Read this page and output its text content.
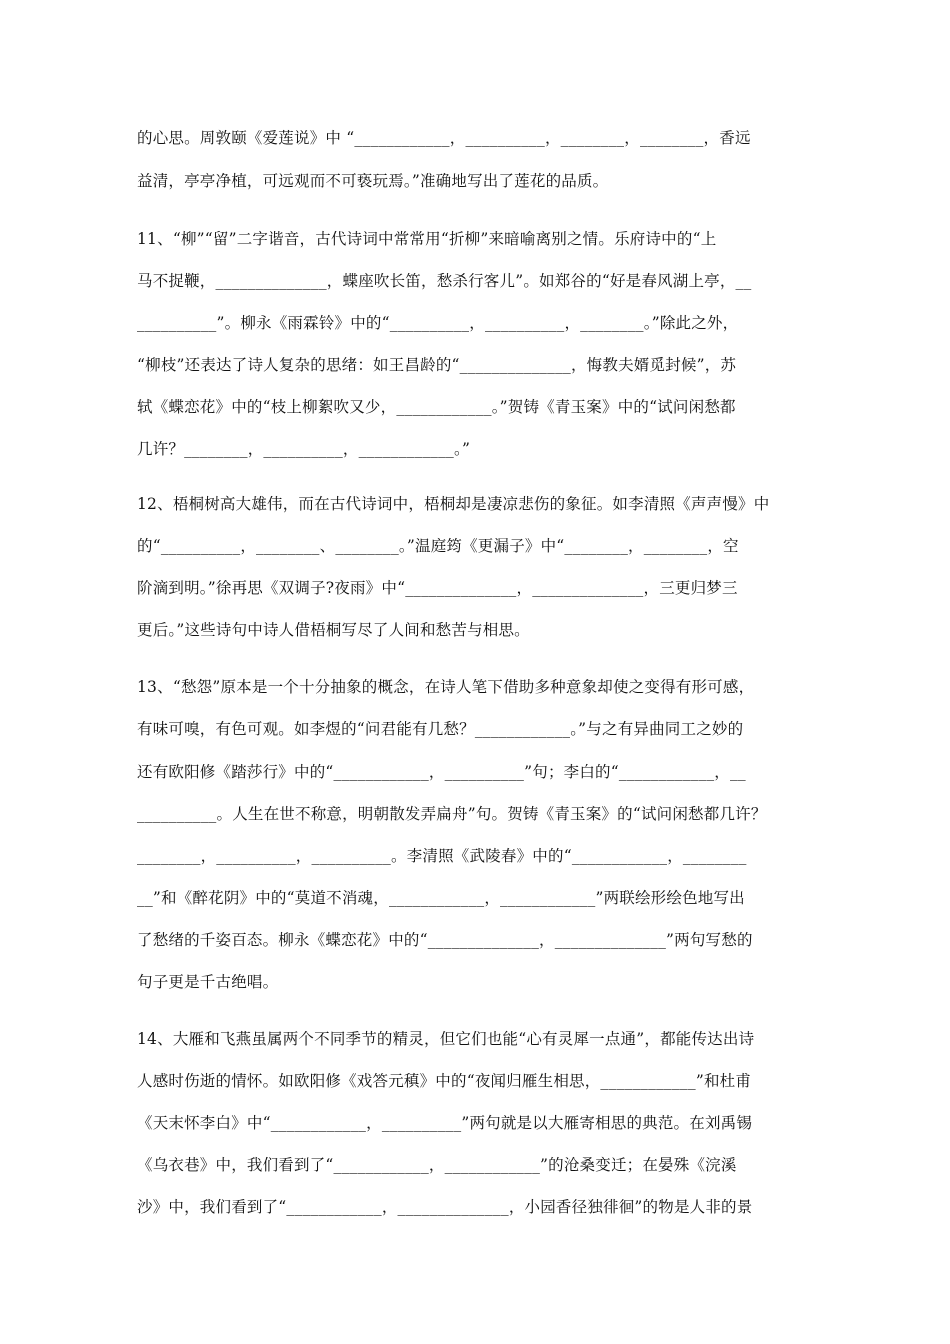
的心思。周敦颐《爱莲说》中 “____________，__________，________，________，香远
益清，亭亭净植，可远观而不可亵玩焉。”准确地写出了莲花的品质。
11、“柳”“留”二字谐音，古代诗词中常常用“折柳”来暗喻离别之情。乐府诗中的“上
马不捉鞭，______________，蝶座吹长笛，愁杀行客儿”。如郑谷的“好是春风湖上亭，__
__________”。柳永《雨霖铃》中的“__________，__________，________。”除此之外，
“柳枝”还表达了诗人复杂的思绪：如王昌龄的“______________，悔教夫婿觅封候”，苏
轼《蝶恋花》中的“枝上柳絮吹又少，____________。”贺铸《青玉案》中的“试问闲愁都
几许？________，__________，____________。”
12、梧桐树高大雄伟，而在古代诗词中，梧桐却是凄凉悲伤的象征。如李清照《声声慢》中
的“__________，________、________。”温庭筠《更漏子》中“________，________，空
阶滴到明。”徐再思《双调子?夜雨》中“______________，______________，三更归梦三
更后。”这些诗句中诗人借梧桐写尽了人间和愁苦与相思。
13、“愁怨”原本是一个十分抽象的概念，在诗人笔下借助多种意象却使之变得有形可感，
有味可嗅，有色可观。如李煜的“问君能有几愁？____________。”与之有异曲同工之妙的
还有欧阳修《踏莎行》中的“____________，__________”句；李白的“____________，__
__________。人生在世不称意，明朝散发弄扁舟”句。贺铸《青玉案》的“试问闲愁都几许？
________，__________，__________。李清照《武陵春》中的“____________，________
__”和《醉花阴》中的“莫道不消魂，____________，____________”两联绘形绘色地写出
了愁绪的千姿百态。柳永《蝶恋花》中的“______________，______________”两句写愁的
句子更是千古绝唱。
14、大雁和飞燕虽属两个不同季节的精灵，但它们也能“心有灵犀一点通”，都能传达出诗
人感时伤逝的情怀。如欧阳修《戏答元稹》中的“夜闻归雁生相思，____________”和杜甫
《天末怀李白》中“____________，__________”两句就是以大雁寄相思的典范。在刘禹锡
《乌衣巷》中，我们看到了“____________，____________”的沧桑变迁；在晏殊《浣溪
沙》中，我们看到了“____________，______________，小园香径独徘徊”的物是人非的景
